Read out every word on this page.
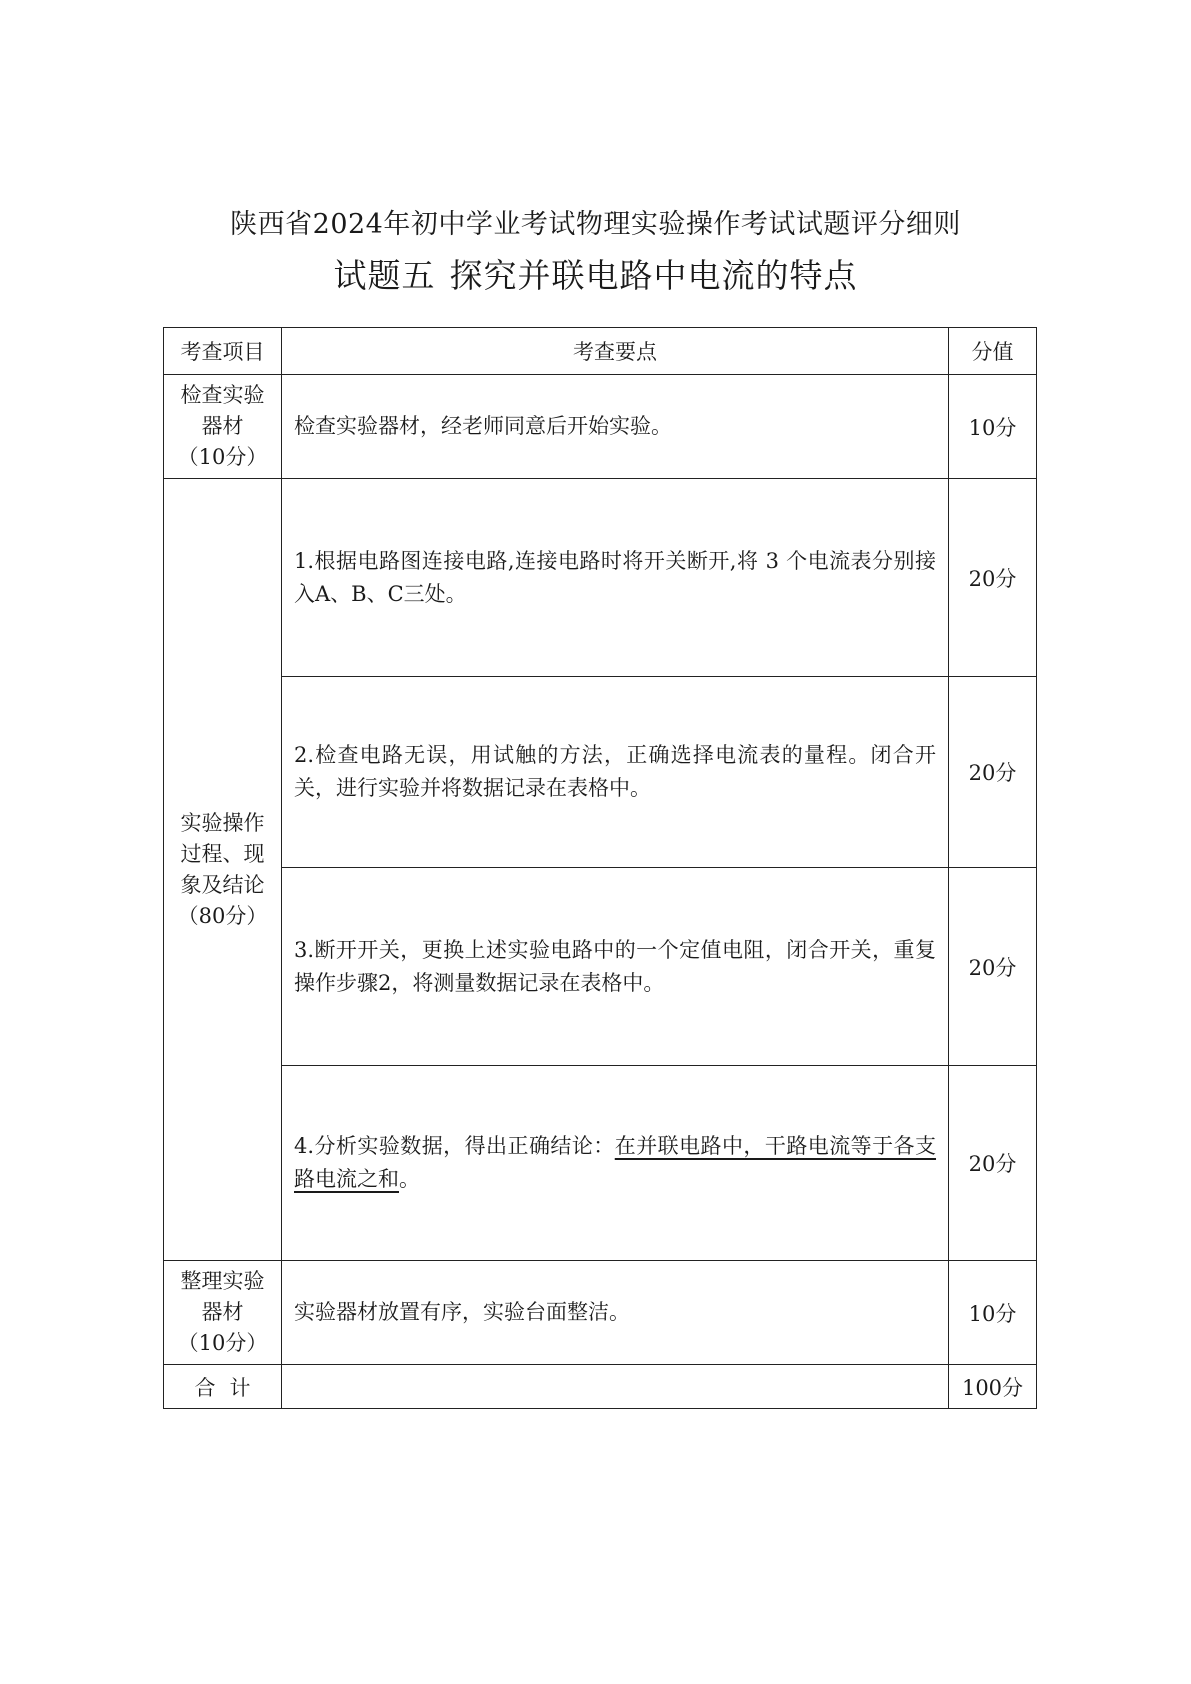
陕西省2024年初中学业考试物理实验操作考试试题评分细则
试题五 探究并联电路中电流的特点
考查项目	考查要点	分值

检查实验
器材
（10分）	检查实验器材，经老师同意后开始实验。	10分

实验操作
过程、现
象及结论
（80分）	1.根据电路图连接电路,连接电路时将开关断开,将 3 个电流表分别接入A、B、C三处。	20分
	2.检查电路无误，用试触的方法，正确选择电流表的量程。闭合开关，进行实验并将数据记录在表格中。	20分
	3.断开开关，更换上述实验电路中的一个定值电阻，闭合开关，重复操作步骤2，将测量数据记录在表格中。	20分
	4.分析实验数据，得出正确结论：在并联电路中，干路电流等于各支路电流之和。	20分

整理实验
器材
（10分）	实验器材放置有序，实验台面整洁。	10分
合计		100分
